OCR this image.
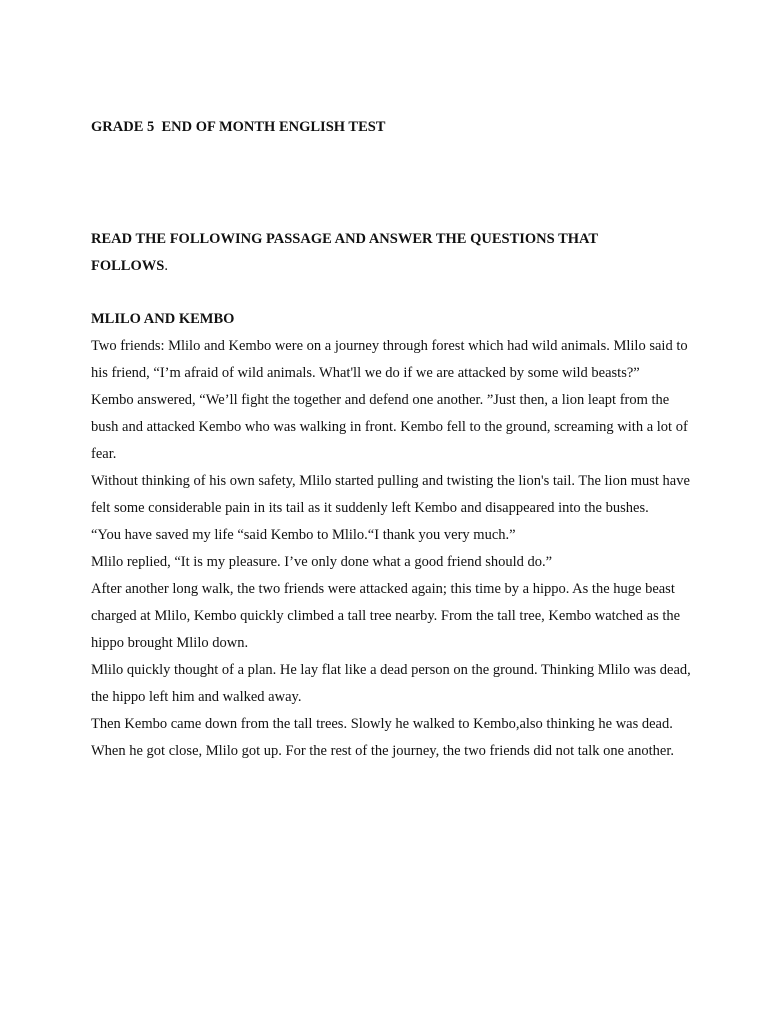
GRADE 5  END OF MONTH ENGLISH TEST

READ THE FOLLOWING PASSAGE AND ANSWER THE QUESTIONS THAT FOLLOWS.

MLILO AND KEMBO

Two friends: Mlilo and Kembo were on a journey through forest which had wild animals. Mlilo said to his friend, “I’m afraid of wild animals. What'll we do if we are attacked by some wild beasts?”

Kembo answered, “We’ll fight the together and defend one another. ”Just then, a lion leapt from the bush and attacked Kembo who was walking in front. Kembo fell to the ground, screaming with a lot of fear.

Without thinking of his own safety, Mlilo started pulling and twisting the lion's tail. The lion must have felt some considerable pain in its tail as it suddenly left Kembo and disappeared into the bushes.

“You have saved my life “said Kembo to Mlilo.“I thank you very much.”

Mlilo replied, “It is my pleasure. I’ve only done what a good friend should do.”

After another long walk, the two friends were attacked again; this time by a hippo. As the huge beast charged at Mlilo, Kembo quickly climbed a tall tree nearby. From the tall tree, Kembo watched as the hippo brought Mlilo down.

Mlilo quickly thought of a plan. He lay flat like a dead person on the ground. Thinking Mlilo was dead, the hippo left him and walked away.

Then Kembo came down from the tall trees. Slowly he walked to Kembo,also thinking he was dead. When he got close, Mlilo got up. For the rest of the journey, the two friends did not talk one another.
